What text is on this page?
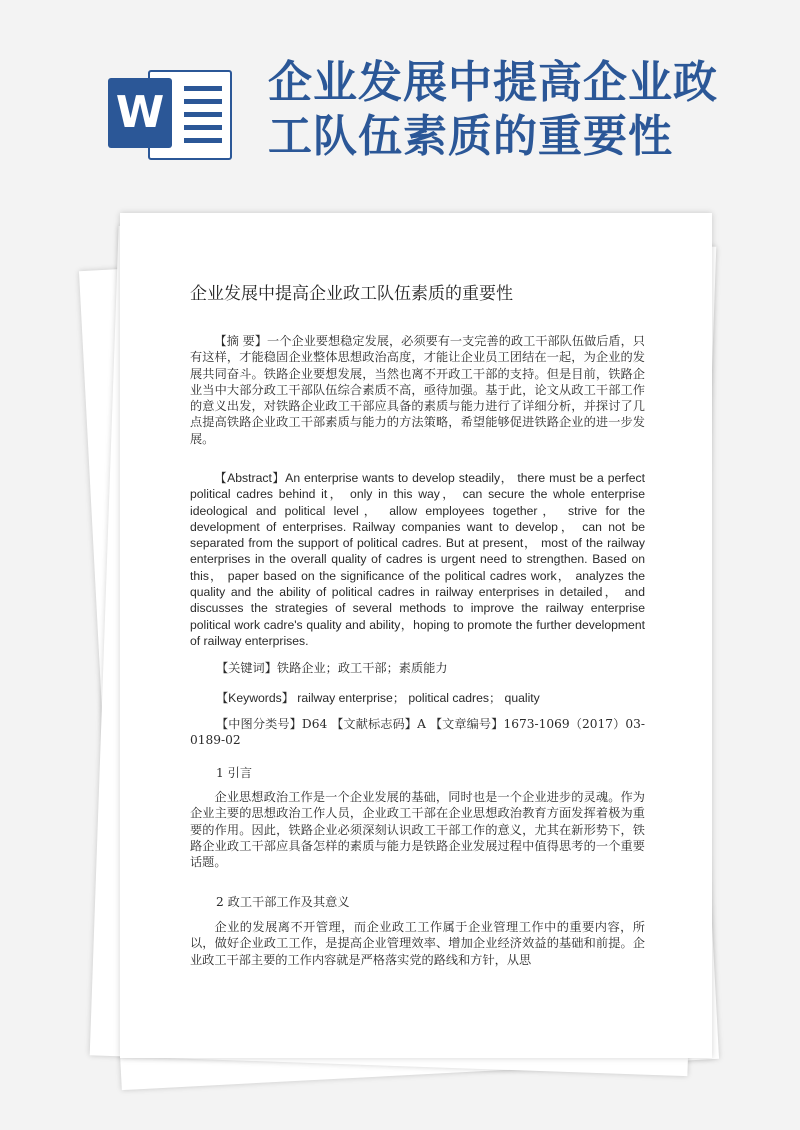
W
企业发展中提高企业政
工队伍素质的重要性
企业发展中提高企业政工队伍素质的重要性

【摘 要】一个企业要想稳定发展，必须要有一支完善的政工干部队伍做后盾，只有这样，才能稳固企业整体思想政治高度，才能让企业员工团结在一起，为企业的发展共同奋斗。铁路企业要想发展，当然也离不开政工干部的支持。但是目前，铁路企业当中大部分政工干部队伍综合素质不高，亟待加强。基于此，论文从政工干部工作的意义出发，对铁路企业政工干部应具备的素质与能力进行了详细分析，并探讨了几点提高铁路企业政工干部素质与能力的方法策略，希望能够促进铁路企业的进一步发展。

【Abstract】An enterprise wants to develop steadily， there must be a perfect political cadres behind it， only in this way， can secure the whole enterprise ideological and political level， allow employees together， strive for the development of enterprises. Railway companies want to develop， can not be separated from the support of political cadres. But at present， most of the railway enterprises in the overall quality of cadres is urgent need to strengthen. Based on this， paper based on the significance of the political cadres work， analyzes the quality and the ability of political cadres in railway enterprises in detailed， and discusses the strategies of several methods to improve the railway enterprise political work cadre's quality and ability，hoping to promote the further development of railway enterprises.

【关键词】铁路企业；政工干部；素质能力
【Keywords】 railway enterprise； political cadres； quality

【中图分类号】D64 【文献标志码】A 【文章编号】1673-1069（2017）03-0189-02

1 引言

企业思想政治工作是一个企业发展的基础，同时也是一个企业进步的灵魂。作为企业主要的思想政治工作人员，企业政工干部在企业思想政治教育方面发挥着极为重要的作用。因此，铁路企业必须深刻认识政工干部工作的意义，尤其在新形势下，铁路企业政工干部应具备怎样的素质与能力是铁路企业发展过程中值得思考的一个重要话题。

2 政工干部工作及其意义

企业的发展离不开管理，而企业政工工作属于企业管理工作中的重要内容，所以，做好企业政工工作，是提高企业管理效率、增加企业经济效益的基础和前提。企业政工干部主要的工作内容就是严格落实党的路线和方针，从思
